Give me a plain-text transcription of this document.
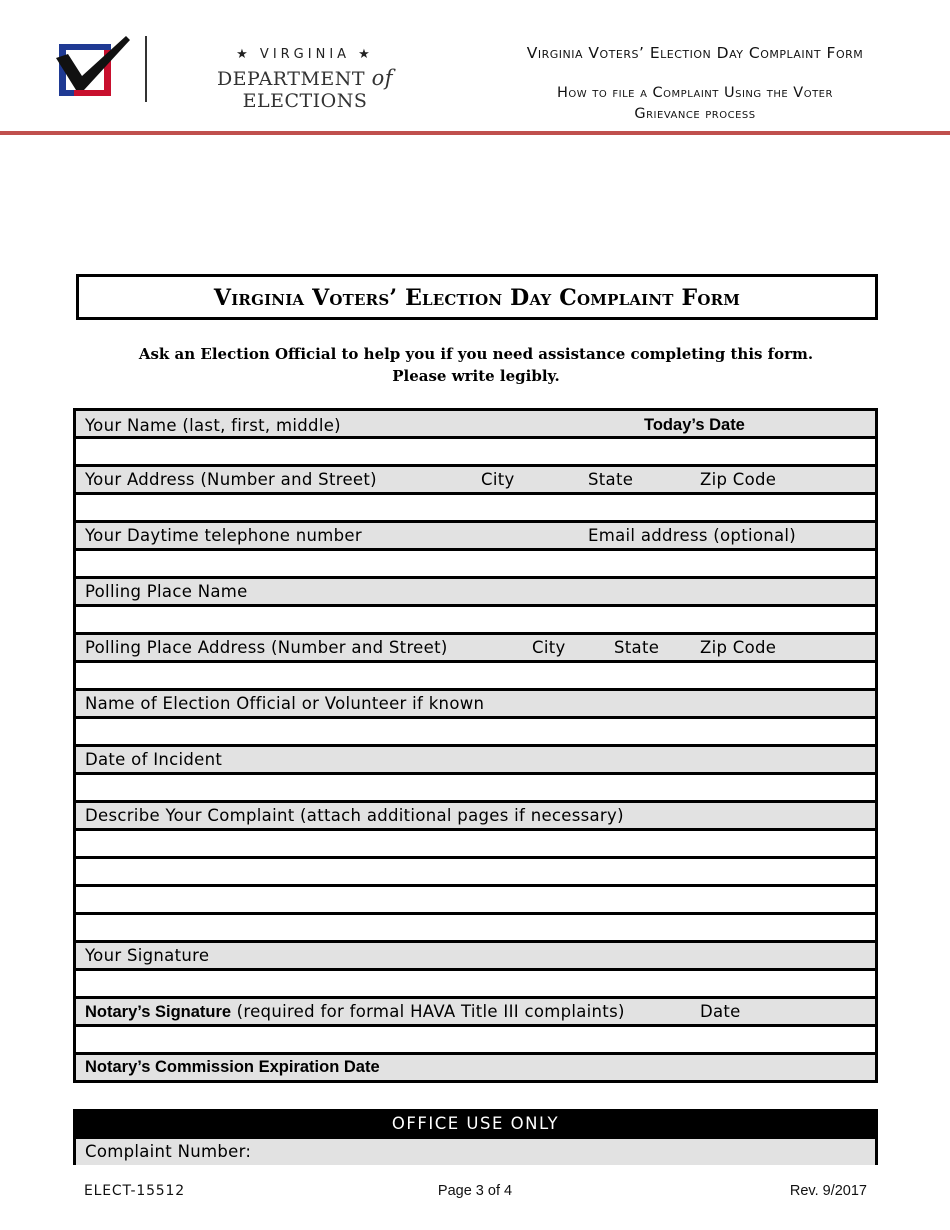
★ VIRGINIA ★
DEPARTMENT of ELECTIONS
Virginia Voters’ Election Day Complaint Form
How to file a Complaint Using the Voter
Grievance process
Virginia Voters’ Election Day Complaint Form
Ask an Election Official to help you if you need assistance completing this form.
Please write legibly.
Your Name (last, first, middle)	Today’s Date
Your Address (Number and Street)	City	State	Zip Code
Your Daytime telephone number	Email address (optional)
Polling Place Name
Polling Place Address (Number and Street)	City	State Zip Code
Name of Election Official or Volunteer if known
Date of Incident
Describe Your Complaint (attach additional pages if necessary)
Your Signature
Notary’s Signature (required for formal HAVA Title III complaints)	Date
Notary’s Commission Expiration Date
OFFICE USE ONLY
Complaint Number:
ELECT-15512	Page 3 of 4	Rev. 9/2017
